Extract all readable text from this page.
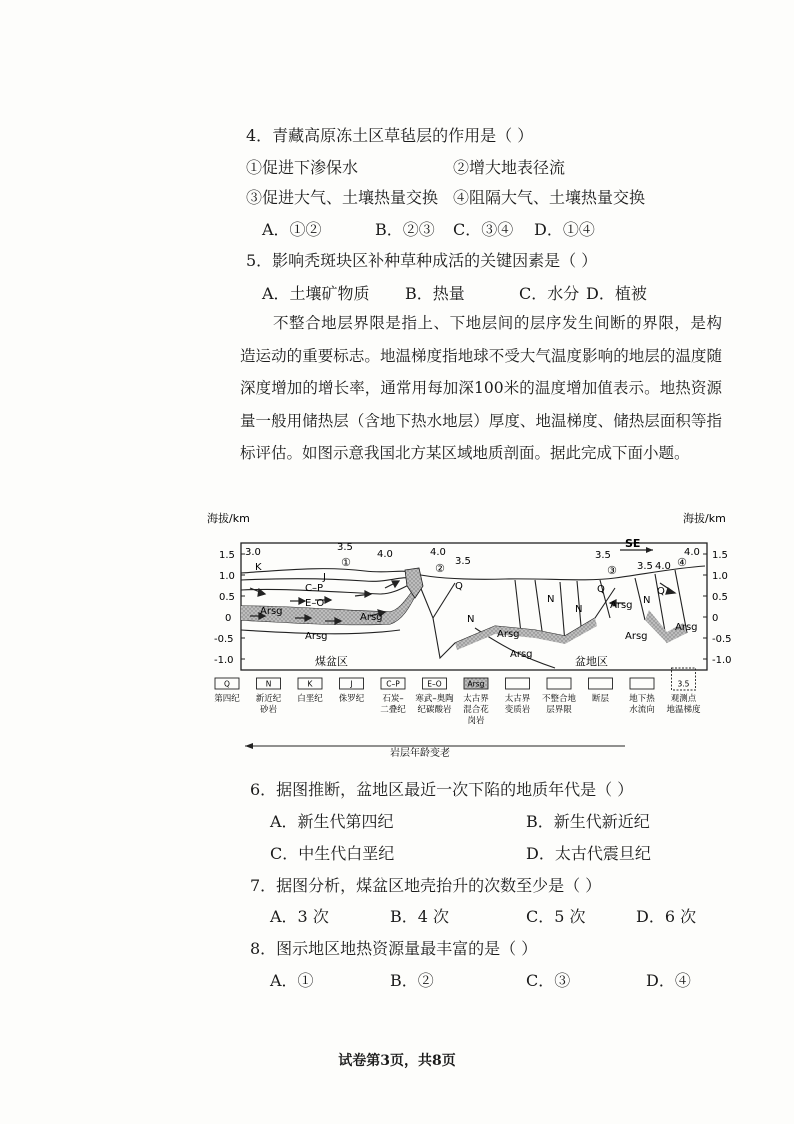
4．青藏高原冻土区草毡层的作用是（ ）
①促进下渗保水	②增大地表径流
③促进大气、土壤热量交换 ④阻隔大气、土壤热量交换
A．①②	B．②③ C．③④ D．①④
5．影响秃斑块区补种草种成活的关键因素是（ ）
A．土壤矿物质 B．热量	C．水分 D．植被

不整合地层界限是指上、下地层间的层序发生间断的界限，是构造运动的重要标志。地温梯度指地球不受大气温度影响的地层的温度随深度增加的增长率，通常用每加深100米的温度增加值表示。地热资源量一般用储热层（含地下热水地层）厚度、地温梯度、储热层面积等指标评估。如图示意我国北方某区域地质剖面。据此完成下面小题。

海拔/km	海拔/km
1.5
1.0
0.5
0
-0.5
-1.0
1.5
1.0
0.5
0
-0.5
-1.0
SE
3.0	3.5
4.0	4.0
3.5
3.5
3.5 4.0
4.0
①	②	③
④
K
J
C–P
E–O
Arsg
Arsg
Arsg
Q
N
Arsg
N
N
Q
Arsg
Q
Arsg
Arsg
Arsg
N
煤盆区	盆地区
Q
第四纪
N
新近纪
砂岩
K
白垩纪
J
侏罗纪
C–P
石炭–
二叠纪
E–O
寒武–奥陶
纪碳酸岩
Arsg
太古界
混合花
岗岩
太古界
变质岩
不整合地
层界限
断层 地下热
水流向
3.5
观测点
地温梯度
岩层年龄变老
6．据图推断，盆地区最近一次下陷的地质年代是（ ）
A．新生代第四纪	B．新生代新近纪
C．中生代白垩纪	D．太古代震旦纪
7．据图分析，煤盆区地壳抬升的次数至少是（ ）
A．3 次	B．4 次	C．5 次	D．6 次
8．图示地区地热资源量最丰富的是（ ）
A．①	B．②	C．③	D．④
试卷第3页，共8页
